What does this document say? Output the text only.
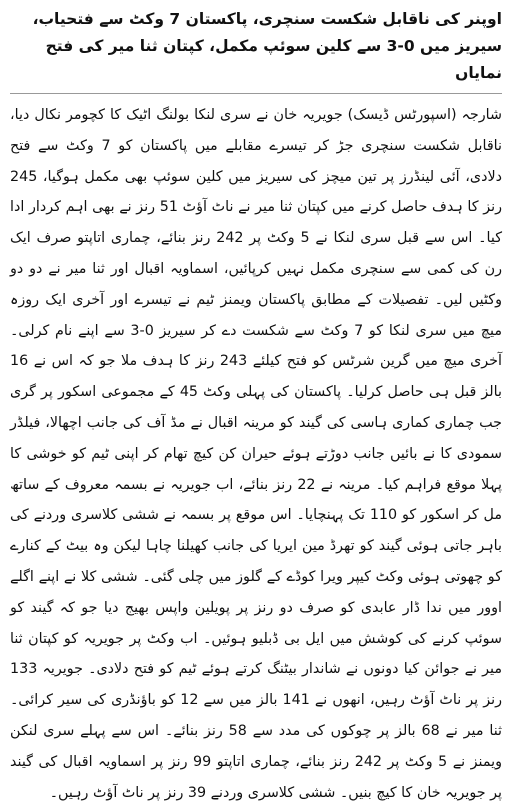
اوپنر کی ناقابل شکست سنچری، پاکستان 7 وکٹ سے فتحیاب، سیریز میں 0-3 سے کلین سوئپ مکمل، کپتان ثنا میر کی فتح نمایاں

شارجہ (اسپورٹس ڈیسک) جویریہ خان نے سری لنکا بولنگ اٹیک کا کچومر نکال دیا، ناقابل شکست سنچری جڑ کر تیسرے مقابلے میں پاکستان کو 7 وکٹ سے فتح دلادی، آئی لینڈرز پر تین میچز کی سیریز میں کلین سوئپ بھی مکمل ہوگیا، 245 رنز کا ہدف حاصل کرنے میں کپتان ثنا میر نے ناٹ آؤٹ 51 رنز نے بھی اہم کردار ادا کیا۔ اس سے قبل سری لنکا نے 5 وکٹ پر 242 رنز بنائے، چماری اتاپتو صرف ایک رن کی کمی سے سنچری مکمل نہیں کرپائیں، اسماویہ اقبال اور ثنا میر نے دو دو وکٹیں لیں۔ تفصیلات کے مطابق پاکستان ویمنز ٹیم نے تیسرے اور آخری ایک روزہ میچ میں سری لنکا کو 7 وکٹ سے شکست دے کر سیریز 0-3 سے اپنے نام کرلی۔ آخری میچ میں گرین شرٹس کو فتح کیلئے 243 رنز کا ہدف ملا جو کہ اس نے 16 بالز قبل ہی حاصل کرلیا۔ پاکستان کی پہلی وکٹ 45 کے مجموعی اسکور پر گری جب چماری کماری ہاسی کی گیند کو مرینہ اقبال نے مڈ آف کی جانب اچھالا، فیلڈر سمودی کا نے بائیں جانب دوڑتے ہوئے حیران کن کیچ تھام کر اپنی ٹیم کو خوشی کا پہلا موقع فراہم کیا۔ مرینہ نے 22 رنز بنائے، اب جویریہ نے بسمہ معروف کے ساتھ مل کر اسکور کو 110 تک پہنچایا۔ اس موقع پر بسمہ نے ششی کلاسری وردنے کی باہر جاتی ہوئی گیند کو تھرڈ مین ایریا کی جانب کھیلنا چاہا لیکن وہ بیٹ کے کنارے کو چھوتی ہوئی وکٹ کیپر ویرا کوڈے کے گلوز میں چلی گئی۔ ششی کلا نے اپنے اگلے اوور میں ندا ڈار عابدی کو صرف دو رنز پر پویلین واپس بھیج دیا جو کہ گیند کو سوئپ کرنے کی کوشش میں ایل بی ڈبلیو ہوئیں۔ اب وکٹ پر جویریہ کو کپتان ثنا میر نے جوائن کیا دونوں نے شاندار بیٹنگ کرتے ہوئے ٹیم کو فتح دلادی۔ جویریہ 133 رنز پر ناٹ آؤٹ رہیں، انھوں نے 141 بالز میں سے 12 کو باؤنڈری کی سیر کرائی۔ ثنا میر نے 68 بالز پر چوکوں کی مدد سے 58 رنز بنائے۔ اس سے پہلے سری لنکن ویمنز نے 5 وکٹ پر 242 رنز بنائے، چماری اتاپتو 99 رنز پر اسماویہ اقبال کی گیند پر جویریہ خان کا کیچ بنیں۔ ششی کلاسری وردنے 39 رنز پر ناٹ آؤٹ رہیں۔
